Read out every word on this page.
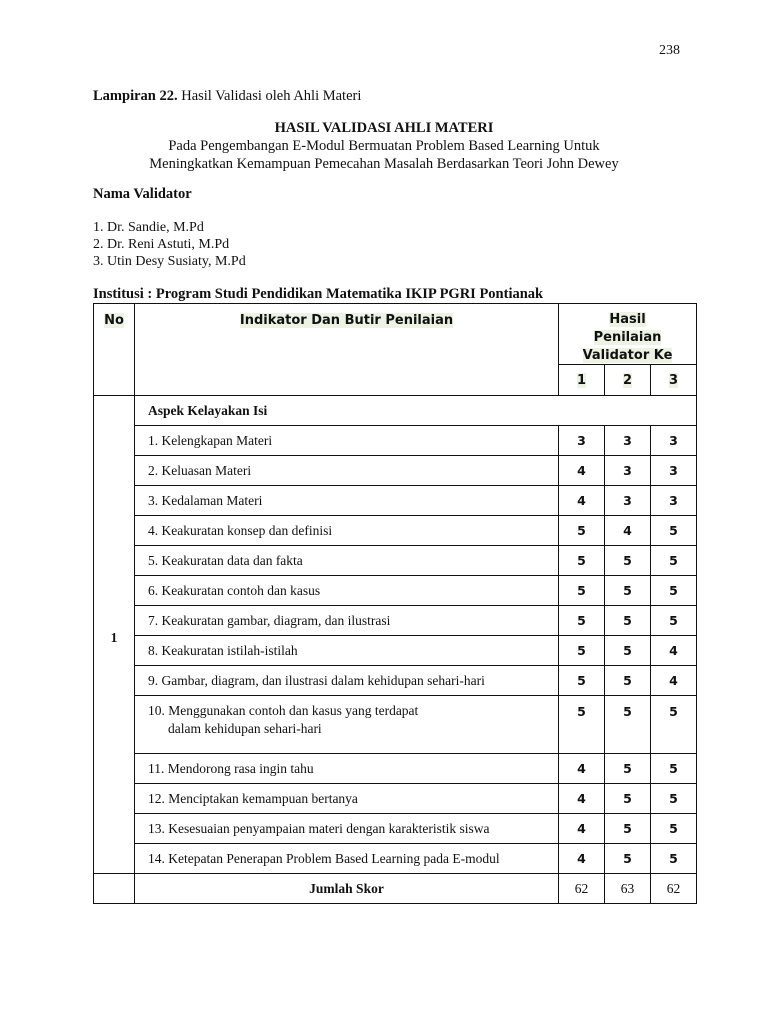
238
Lampiran 22. Hasil Validasi oleh Ahli Materi
HASIL VALIDASI AHLI MATERI
Pada Pengembangan E-Modul Bermuatan Problem Based Learning Untuk
Meningkatkan Kemampuan Pemecahan Masalah Berdasarkan Teori John Dewey
Nama Validator
1. Dr. Sandie, M.Pd
2. Dr. Reni Astuti, M.Pd
3. Utin Desy Susiaty, M.Pd
Institusi : Program Studi Pendidikan Matematika IKIP PGRI Pontianak
No	Indikator Dan Butir Penilaian	Hasil
Penilaian
Validator Ke		
		1	2	3
1	Aspek Kelayakan Isi			
	1. Kelengkapan Materi	3	3	3
	2. Keluasan Materi	4	3	3
	3. Kedalaman Materi	4	3	3
	4. Keakuratan konsep dan definisi	5	4	5
	5. Keakuratan data dan fakta	5	5	5
	6. Keakuratan contoh dan kasus	5	5	5
	7. Keakuratan gambar, diagram, dan ilustrasi	5	5	5
	8. Keakuratan istilah-istilah	5	5	4
	9. Gambar, diagram, dan ilustrasi dalam kehidupan sehari-hari	5	5	4
	10. Menggunakan contoh dan kasus yang terdapat
dalam kehidupan sehari-hari	5	5	5
	11. Mendorong rasa ingin tahu	4	5	5
	12. Menciptakan kemampuan bertanya	4	5	5
	13. Kesesuaian penyampaian materi dengan karakteristik siswa	4	5	5
	14. Ketepatan Penerapan Problem Based Learning pada E-modul	4	5	5
	Jumlah Skor	62	63	62
